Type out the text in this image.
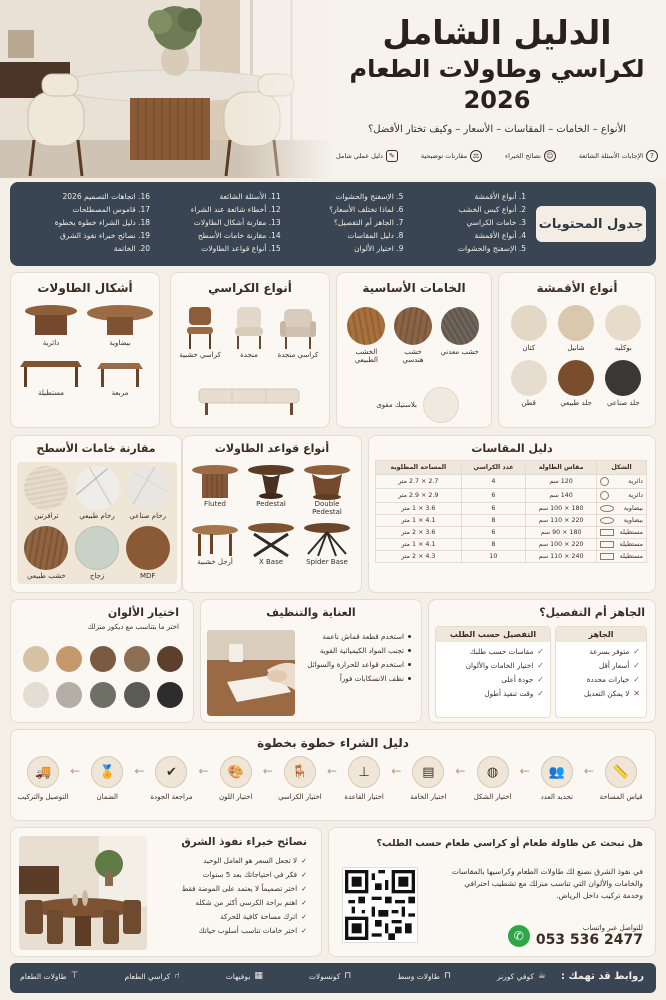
الدليل الشامل
لكراسي وطاولات الطعام 2026
الأنواع – الخامات – المقاسات – الأسعار – وكيف تختار الأفضل؟
?
الإجابات الأسئلة الشائعة
☺
نصائح الخبراء
⚖
مقارنات توضيحية
✎
دليل عملي شامل
جدول المحتويات
1. أنواع الأقمشة
2. أنواع كبس الخشب
3. خامات الكراسي
4. أنواع الأقمشة
5. الإسفنج والحشوات
5. الإسفنج والحشوات
6. لماذا تختلف الأسعار؟
7. الجاهز أم التفصيل؟
8. دليل المقاسات
9. اختيار الألوان
11. الأسئلة الشائعة
12. أخطاء شائعة عند الشراء
13. مقارنة أشكال الطاولات
14. مقارنة خامات الأسطح
15. أنواع قواعد الطاولات
16. اتجاهات التصميم 2026
17. قاموس المصطلحات
18. دليل الشراء خطوة بخطوة
19. نصائح خبراء نفوذ الشرق
20. الخاتمة
أنواع الأقمشة
بوكليه
شانيل
كتان
جلد صناعي
جلد طبيعي
قطن
الخامات الأساسية
خشب معدني
خشب هندسي
الخشب الطبيعي
بلاستيك مقوى
أنواع الكراسي
كراسي منجدة
منجدة
كراسي خشبية
أشكال الطاولات
بيضاوية
دائرية
مربعة
مستطيلة
دليل المقاسات
الشكل	مقاس الطاولة	عدد الكراسي	المساحة المطلوبة

دائرية	120 سم	4	2.7 × 2.7 متر

دائرية	140 سم	6	2.9 × 2.9 متر

بيضاوية	180 × 100 سم	6	3.6 × 1 متر

بيضاوية	220 × 110 سم	8	4.1 × 1 متر

مستطيلة	180 × 90 سم	6	3.6 × 2 متر

مستطيلة	220 × 100 سم	8	4.1 × 1 متر

مستطيلة	240 × 110 سم	10	4.3 × 2 متر
أنواع قواعد الطاولات
Double Pedestal
Pedestal
Fluted
Spider Base
X Base
أرجل خشبية
مقارنة خامات الأسطح
رخام صناعي
رخام طبيعي
ترافرتين
MDF
زجاج
خشب طبيعي
الجاهز أم التفصيل؟
الجاهز
✓
متوفر بسرعة
✓
أسعار أقل
✓
خيارات محددة
✕
لا يمكن التعديل
التفصيل حسب الطلب
✓
مقاسات حسب طلبك
✓
اختيار الخامات والألوان
✓
جودة أعلى
✓
وقت تنفيذ أطول
العناية والتنظيف
استخدم قطعة قماش ناعمة
تجنب المواد الكيميائية القوية
استخدم قواعد للحرارة والسوائل
نظف الانسكابات فوراً
اختيار الألوان
اختر ما يتناسب مع ديكور منزلك
دليل الشراء خطوة بخطوة
📏
قياس المساحة
←
👥
تحديد العدد
←
◍
اختيار الشكل
←
▤
اختيار الخامة
←
⊥
اختيار القاعدة
←
🪑
اختيار الكراسي
←
🎨
اختيار اللون
←
✔
مراجعة الجودة
←
🏅
الضمان
←
🚚
التوصيل والتركيب
هل تبحث عن طاولة طعام أو كراسي طعام حسب الطلب؟
في نفوذ الشرق نصنع لك طاولات الطعام وكراسيها بالمقاسات والخامات والألوان التي تناسب منزلك مع تشطيب احترافي وخدمة تركيب داخل الرياض.
للتواصل عبر واتساب
053 536 2477
✆
نصائح خبراء نفوذ الشرق
✓
لا تجعل السعر هو العامل الوحيد
✓
فكر في احتياجاتك بعد 5 سنوات
✓
اختر تصميماً لا يعتمد على الموضة فقط
✓
اهتم براحة الكرسي أكثر من شكله
✓
اترك مساحة كافية للحركة
✓
اختر خامات تناسب أسلوب حياتك
روابط قد تهمك :
☕
كوفي كورنر
⊓
طاولات وسط
⊓
كونسولات
▦
بوفيهات
⑁
كراسي الطعام
⊤
طاولات الطعام
